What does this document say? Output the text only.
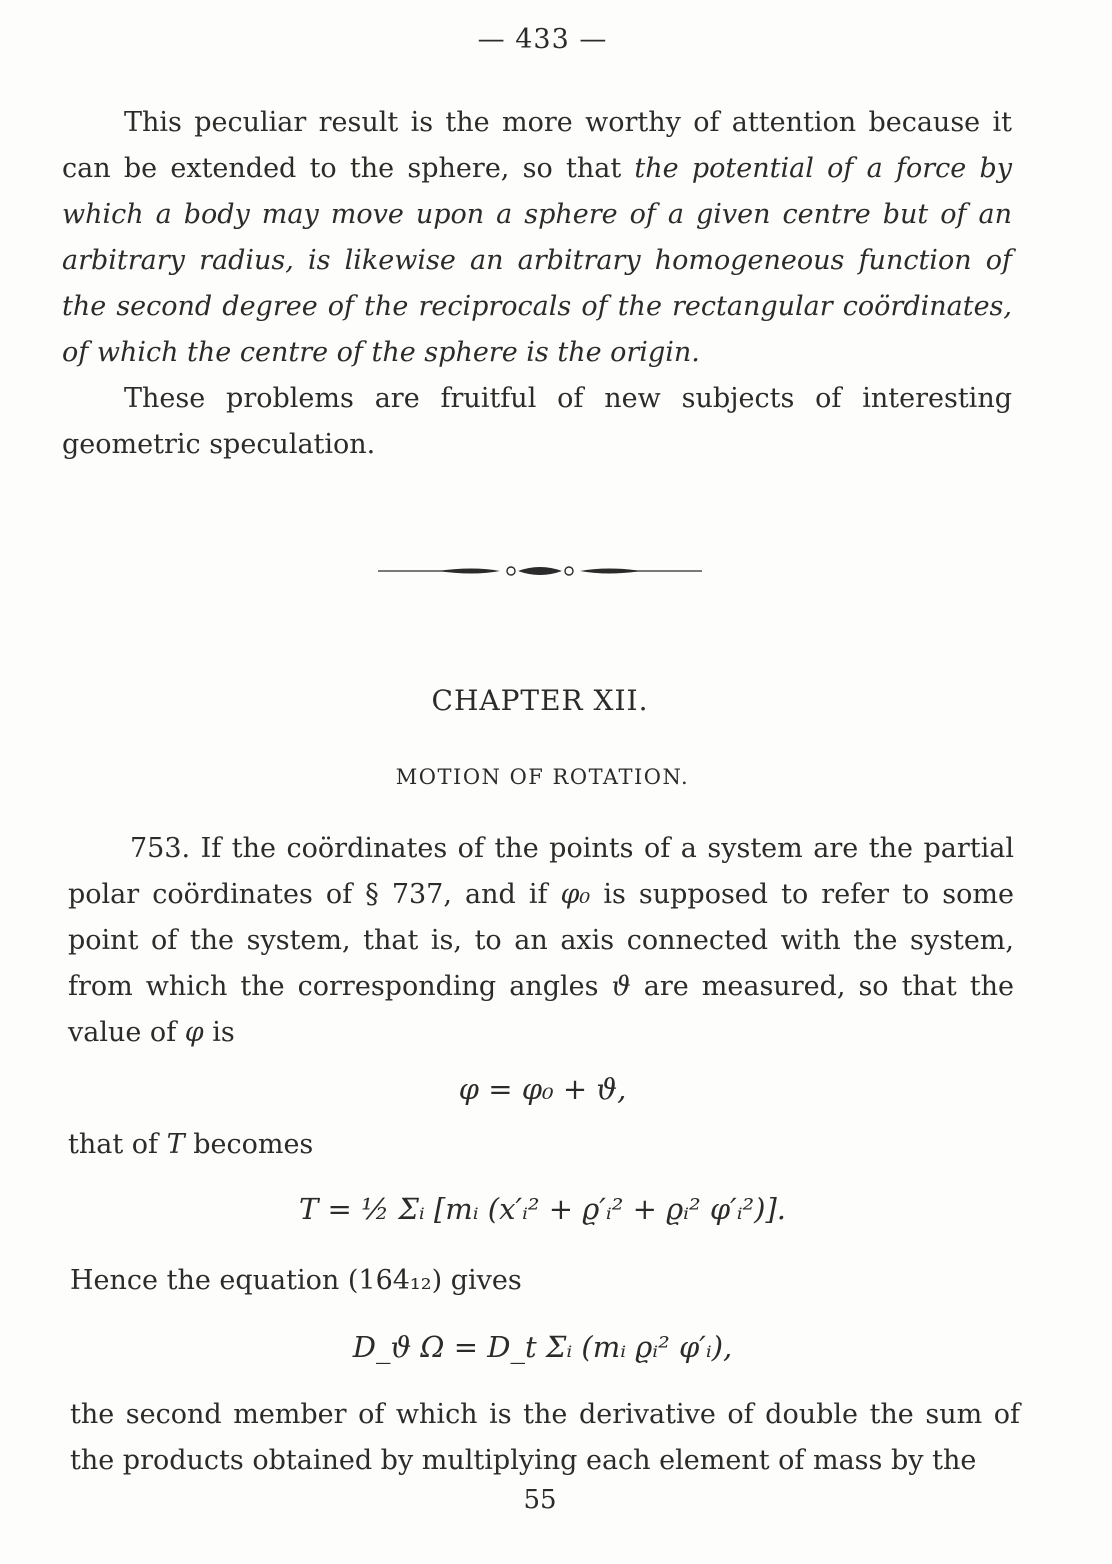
— 433 —

This peculiar result is the more worthy of attention because it can be extended to the sphere, so that the potential of a force by which a body may move upon a sphere of a given centre but of an arbitrary radius, is likewise an arbitrary homogeneous function of the second degree of the reciprocals of the rectangular coördinates, of which the centre of the sphere is the origin.

These problems are fruitful of new subjects of interesting geometric speculation.

CHAPTER XII.
MOTION OF ROTATION.

753. If the coördinates of the points of a system are the partial polar coördinates of § 737, and if φ₀ is supposed to refer to some point of the system, that is, to an axis connected with the system, from which the corresponding angles ϑ are measured, so that the value of φ is

φ = φ₀ + ϑ,

that of T becomes

T = ½ Σᵢ [mᵢ (x′ᵢ² + ϱ′ᵢ² + ϱᵢ² φ′ᵢ²)].

Hence the equation (164₁₂) gives

D_ϑ Ω = D_t Σᵢ (mᵢ ϱᵢ² φ′ᵢ),

the second member of which is the derivative of double the sum of the products obtained by multiplying each element of mass by the

55
